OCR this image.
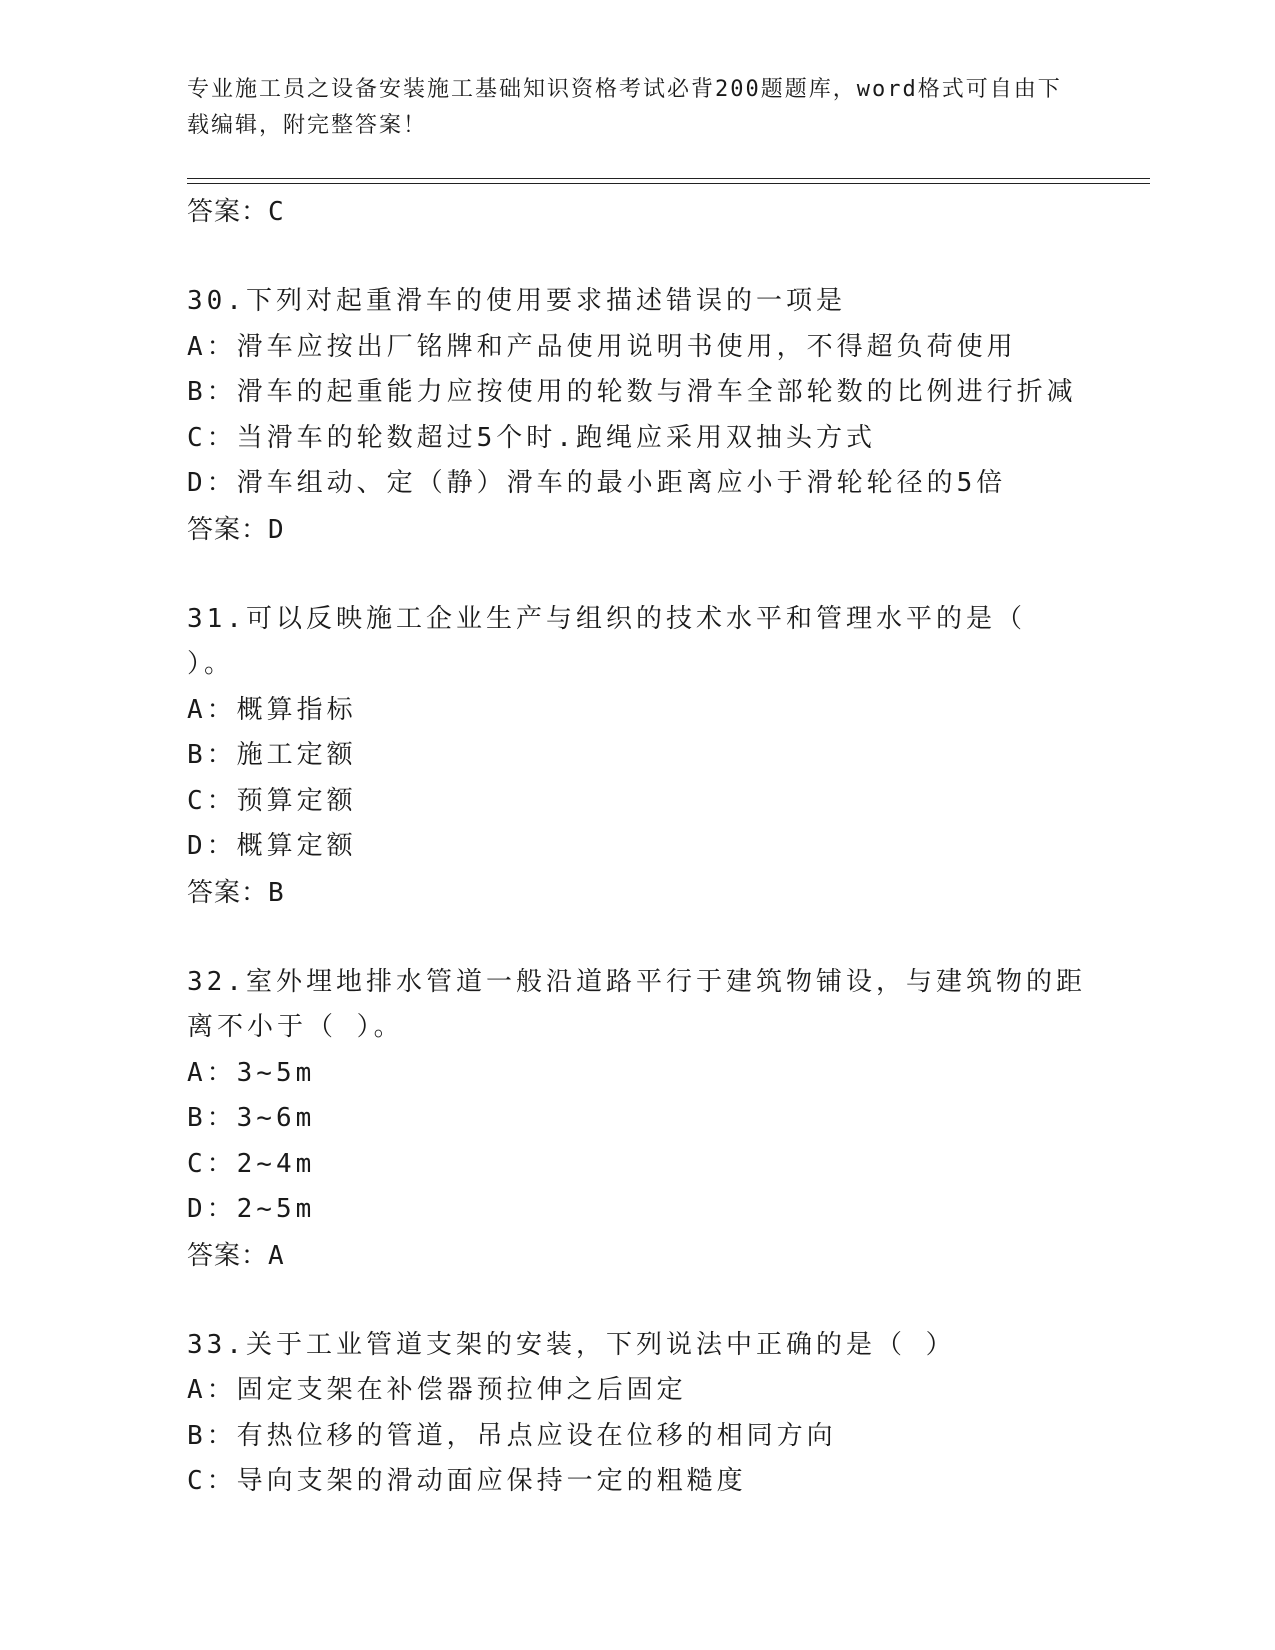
专业施工员之设备安装施工基础知识资格考试必背200题题库，word格式可自由下载编辑，附完整答案！
答案：C
30.下列对起重滑车的使用要求描述错误的一项是
A：滑车应按出厂铭牌和产品使用说明书使用，不得超负荷使用
B：滑车的起重能力应按使用的轮数与滑车全部轮数的比例进行折减
C：当滑车的轮数超过5个时.跑绳应采用双抽头方式
D：滑车组动、定（静）滑车的最小距离应小于滑轮轮径的5倍
答案：D
31.可以反映施工企业生产与组织的技术水平和管理水平的是（ ）。
A：概算指标
B：施工定额
C：预算定额
D：概算定额
答案：B
32.室外埋地排水管道一般沿道路平行于建筑物铺设，与建筑物的距离不小于（ ）。
A：3~5m
B：3~6m
C：2~4m
D：2~5m
答案：A
33.关于工业管道支架的安装，下列说法中正确的是（ ）
A：固定支架在补偿器预拉伸之后固定
B：有热位移的管道，吊点应设在位移的相同方向
C：导向支架的滑动面应保持一定的粗糙度
